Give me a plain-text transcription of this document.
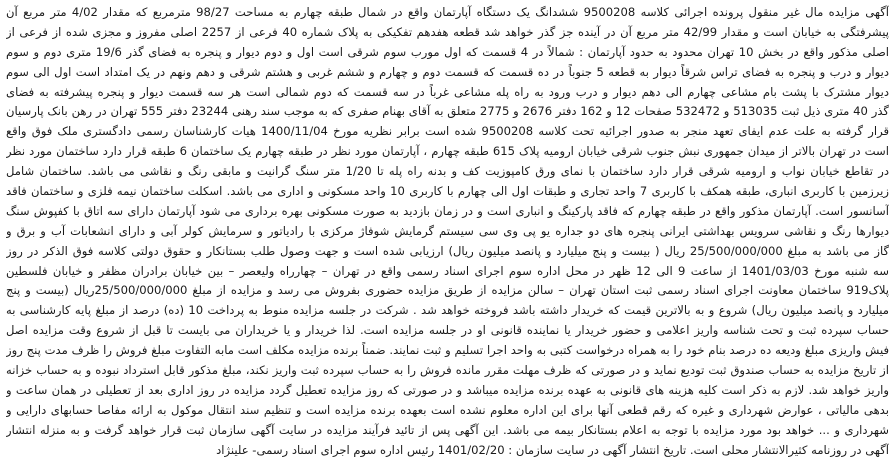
آگهی مزایده مال غیر منقول پرونده اجرائی کلاسه 9500208 ششدانگ یک دستگاه آپارتمان واقع در شمال طبقه چهارم به مساحت 98/27 مترمربع که مقدار 4/02 متر مربع آن
پیشرفتگی به خیابان است و مقدار 42/99 متر مربع آن در آینده جز گذر خواهد شد قطعه هفدهم تفکیکی به پلاک شماره 40 فرعی از 2257 اصلی مفروز و مجزی شده از فرعی از
اصلی مذکور واقع در بخش 10 تهران محدود به حدود آپارتمان : شمالاً در 4 قسمت که اول مورب سوم شرقی است اول و دوم دیوار و پنجره به فضای گذر 19/6 متری دوم و سوم
دیوار و درب و پنجره به فضای تراس شرقاً دیوار به قطعه 5 جنوباً در ده قسمت که قسمت دوم و چهارم و ششم غربی و هشتم شرقی و دهم ونهم در یک امتداد است اول الی سوم
دیوار مشترک با پشت بام مشاعی چهارم الی دهم دیوار و درب ورود به راه پله مشاعی غرباً در سه قسمت که دوم شمالی است هر سه قسمت دیوار و پنجره پیشرفته به فضای
گذر 40 متری ذیل ثبت 513035 و 532472 صفحات 12 و 162 دفتر 2676 و 2775 متعلق به آقای بهنام صفری که به موجب سند رهنی 23244 دفتر 555 تهران در رهن بانک پارسیان
قرار گرفته به علت عدم ایفای تعهد منجر به صدور اجرائیه تحت کلاسه 9500208 شده است برابر نظریه مورخ 1400/11/04 هیات کارشناسان رسمی دادگستری ملک فوق واقع
است در تهران بالاتر از میدان جمهوری نبش جنوب شرقی خیابان ارومیه پلاک 615 طبقه چهارم ، آپارتمان مورد نظر در طبقه چهارم یک ساختمان 6 طبقه قرار دارد ساختمان مورد نظر
در تقاطع خیابان نواب و ارومیه شرقی قرار دارد ساختمان با نمای ورق کامپوزیت کف و بدنه راه پله تا 1/20 متر سنگ گرانیت و مابقی رنگ و نقاشی می باشد. ساختمان شامل
زیرزمین با کاربری انباری، طبقه همکف با کاربری 7 واحد تجاری و طبقات اول الی چهارم با کاربری 10 واحد مسکونی و اداری می باشد. اسکلت ساختمان نیمه فلزی و ساختمان فاقد
آسانسور است. آپارتمان مذکور واقع در طبقه چهارم که فاقد پارکینگ و انباری است و در زمان بازدید به صورت مسکونی بهره برداری می شود آپارتمان دارای سه اتاق با کفپوش سنگ
دیوارها رنگ و نقاشی سرویس بهداشتی ایرانی پنجره های دو جداره یو پی وی سی سیستم گرمایش شوفاژ مرکزی با رادیاتور و سرمایش کولر آبی و دارای انشعابات آب و برق و
گاز می باشد به مبلغ 25/500/000/000 ریال ( بیست و پنج میلیارد و پانصد میلیون ریال) ارزیابی شده است و جهت وصول طلب بستانکار و حقوق دولتی کلاسه فوق الذکر در روز
سه شنبه مورخ 1401/03/03 از ساعت 9 الی 12 ظهر در محل اداره سوم اجرای اسناد رسمی واقع در تهران – چهارراه ولیعصر – بین خیابان برادران مظفر و خیابان فلسطین
پلاک919 ساختمان معاونت اجرای اسناد رسمی ثبت استان تهران – سالن مزایده از طریق مزایده حضوری بفروش می رسد و مزایده از مبلغ 25/500/000/000ریال (بیست و پنج
میلیارد و پانصد میلیون ریال) شروع و به بالاترین قیمت که خریدار داشته باشد فروخته خواهد شد . شرکت در جلسه مزایده منوط به پرداخت 10 (ده) درصد از مبلغ پایه کارشناسی به
حساب سپرده ثبت و تحت شناسه واریز اعلامی و حضور خریدار یا نماینده قانونی او در جلسه مزایده است. لذا خریدار و یا خریداران می بایست تا قبل از شروع وقت مزایده اصل
فیش واریزی مبلغ ودیعه ده درصد بنام خود را به همراه درخواست کتبی به واحد اجرا تسلیم و ثبت نمایند. ضمناً برنده مزایده مکلف است مابه التفاوت مبلغ فروش را ظرف مدت پنج روز
از تاریخ مزایده به حساب صندوق ثبت تودیع نماید و در صورتی که ظرف مهلت مقرر مانده فروش را به حساب سپرده ثبت واریز نکند، مبلغ مذکور قابل استرداد نبوده و به حساب خزانه
واریز خواهد شد. لازم به ذکر است کلیه هزینه های قانونی به عهده برنده مزایده میباشد و در صورتی که روز مزایده تعطیل گردد مزایده در روز اداری بعد از تعطیلی در همان ساعت و
بدهی مالیاتی ، عوارض شهرداری و غیره که رقم قطعی آنها برای این اداره معلوم نشده است بعهده برنده مزایده است و تنظیم سند انتقال موکول به ارائه مفاصا حسابهای دارایی و
شهرداری و ... خواهد بود مورد مزایده با توجه به اعلام بستانکار بیمه می باشد. این آگهی پس از تائید فرآیند مزایده در سایت آگهی سازمان ثبت قرار خواهد گرفت و به منزله انتشار
آگهی در روزنامه کثیرالانتشار محلی است. تاریخ انتشار آگهی در سایت سازمان : 1401/02/20 رئیس اداره سوم اجرای اسناد رسمی- علینژاد
